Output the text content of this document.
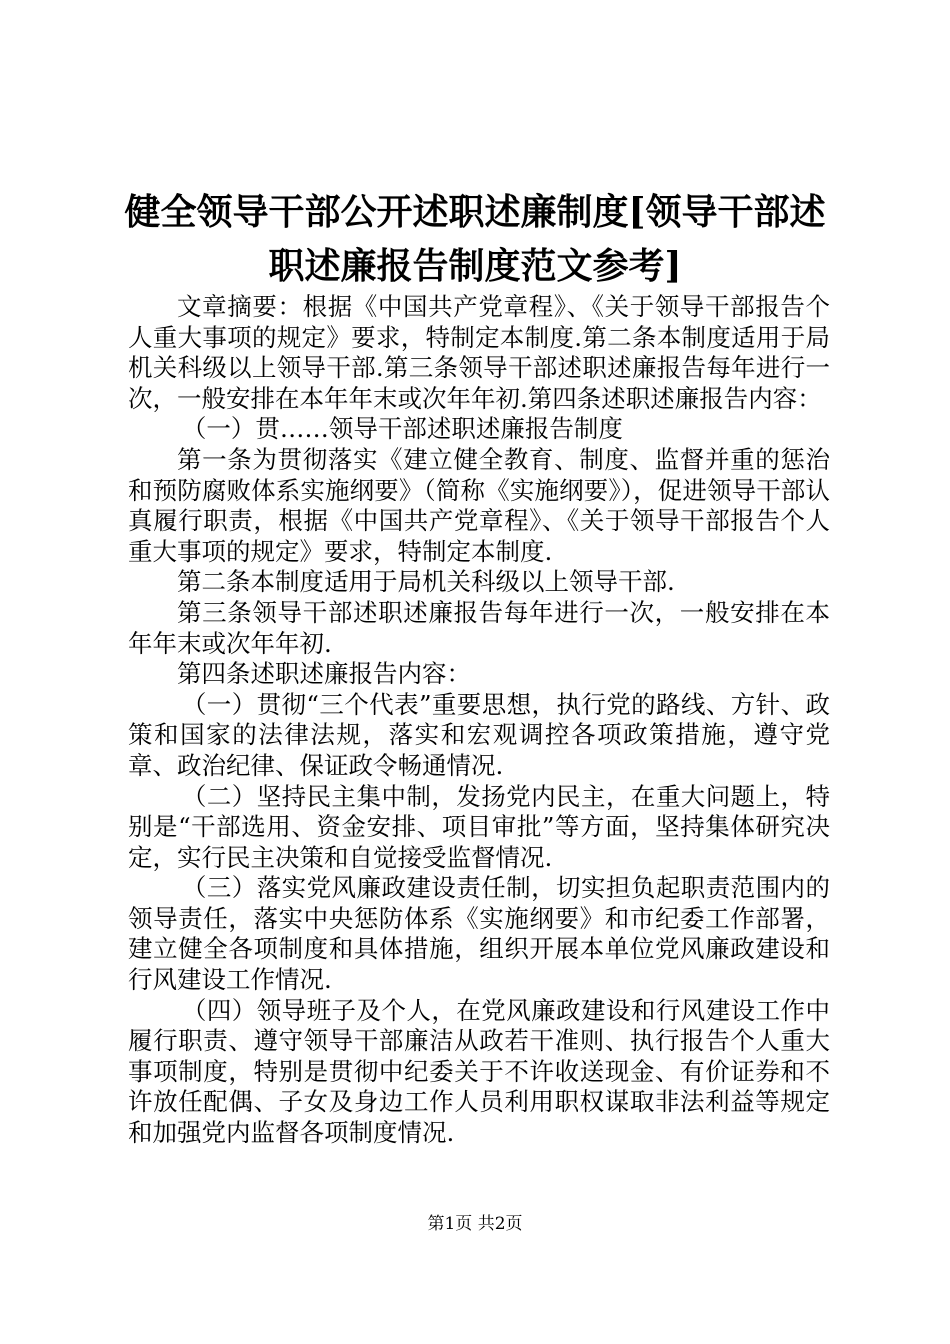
健全领导干部公开述职述廉制度[领导干部述
职述廉报告制度范文参考]

文章摘要：根据《中国共产党章程》、《关于领导干部报告个人重大事项的规定》要求，特制定本制度.第二条本制度适用于局机关科级以上领导干部.第三条领导干部述职述廉报告每年进行一次，一般安排在本年年末或次年年初.第四条述职述廉报告内容：

（一）贯……领导干部述职述廉报告制度

第一条为贯彻落实《建立健全教育、制度、监督并重的惩治和预防腐败体系实施纲要》（简称《实施纲要》），促进领导干部认真履行职责，根据《中国共产党章程》、《关于领导干部报告个人重大事项的规定》要求，特制定本制度.

第二条本制度适用于局机关科级以上领导干部.

第三条领导干部述职述廉报告每年进行一次，一般安排在本年年末或次年年初.

第四条述职述廉报告内容：

（一）贯彻“三个代表”重要思想，执行党的路线、方针、政策和国家的法律法规，落实和宏观调控各项政策措施，遵守党章、政治纪律、保证政令畅通情况.

（二）坚持民主集中制，发扬党内民主，在重大问题上，特别是“干部选用、资金安排、项目审批”等方面，坚持集体研究决定，实行民主决策和自觉接受监督情况.

（三）落实党风廉政建设责任制，切实担负起职责范围内的领导责任，落实中央惩防体系《实施纲要》和市纪委工作部署，建立健全各项制度和具体措施，组织开展本单位党风廉政建设和行风建设工作情况.

（四）领导班子及个人，在党风廉政建设和行风建设工作中履行职责、遵守领导干部廉洁从政若干准则、执行报告个人重大事项制度，特别是贯彻中纪委关于不许收送现金、有价证券和不许放任配偶、子女及身边工作人员利用职权谋取非法利益等规定和加强党内监督各项制度情况.

第1页 共2页
